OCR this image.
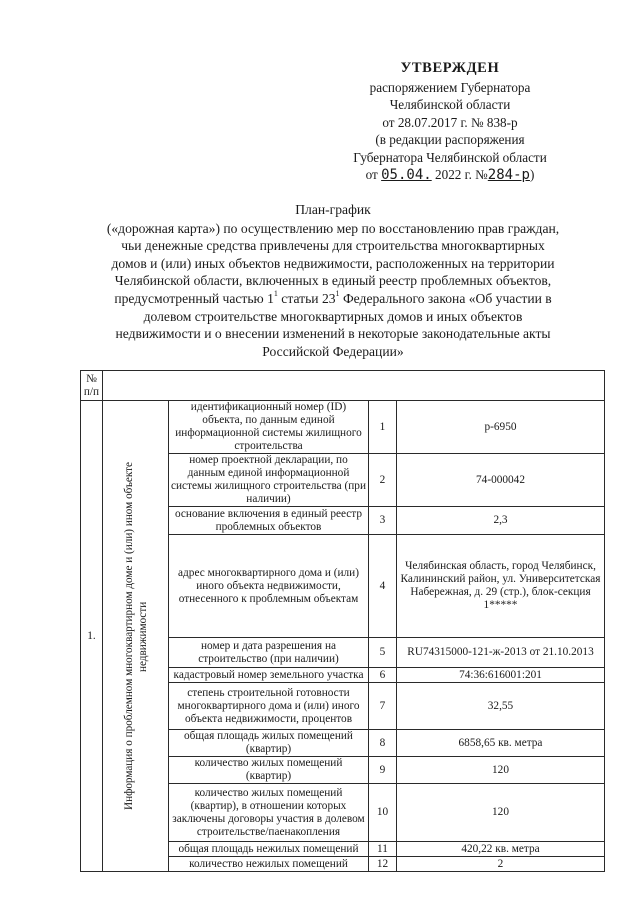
УТВЕРЖДЕН
распоряжением Губернатора
Челябинской области
от 28.07.2017 г. № 838-р
(в редакции распоряжения
Губернатора Челябинской области
от 05.04. 2022 г. №284-р)
План-график
(«дорожная карта») по осуществлению мер по восстановлению прав граждан,
чьи денежные средства привлечены для строительства многоквартирных
домов и (или) иных объектов недвижимости, расположенных на территории
Челябинской области, включенных в единый реестр проблемных объектов,
предусмотренный частью $1^1$ статьи $23^1$ Федерального закона «Об участии в
долевом строительстве многоквартирных домов и иных объектов
недвижимости и о внесении изменений в некоторые законодательные акты
Российской Федерации»
№
п/п				
1.	Информация о проблемном многоквартирном доме и (или) ином объекте недвижимости	идентификационный номер (ID) объекта, по данным единой информационной системы жилищного строительства	1	р-6950
		номер проектной декларации, по данным единой информационной системы жилищного строительства (при наличии)	2	74-000042
		основание включения в единый реестр проблемных объектов	3	2,3
		адрес многоквартирного дома и (или) иного объекта недвижимости, отнесенного к проблемным объектам	4	Челябинская область, город Челябинск, Калининский район, ул. Университетская Набережная, д. 29 (стр.), блок-секция 1*****
		номер и дата разрешения на строительство (при наличии)	5	RU74315000-121-ж-2013 от 21.10.2013
		кадастровый номер земельного участка	6	74:36:616001:201
		степень строительной готовности многоквартирного дома и (или) иного объекта недвижимости, процентов	7	32,55
		общая площадь жилых помещений (квартир)	8	6858,65 кв. метра
		количество жилых помещений (квартир)	9	120
		количество жилых помещений (квартир), в отношении которых заключены договоры участия в долевом строительстве/паенакопления	10	120
		общая площадь нежилых помещений	11	420,22 кв. метра
		количество нежилых помещений	12	2
